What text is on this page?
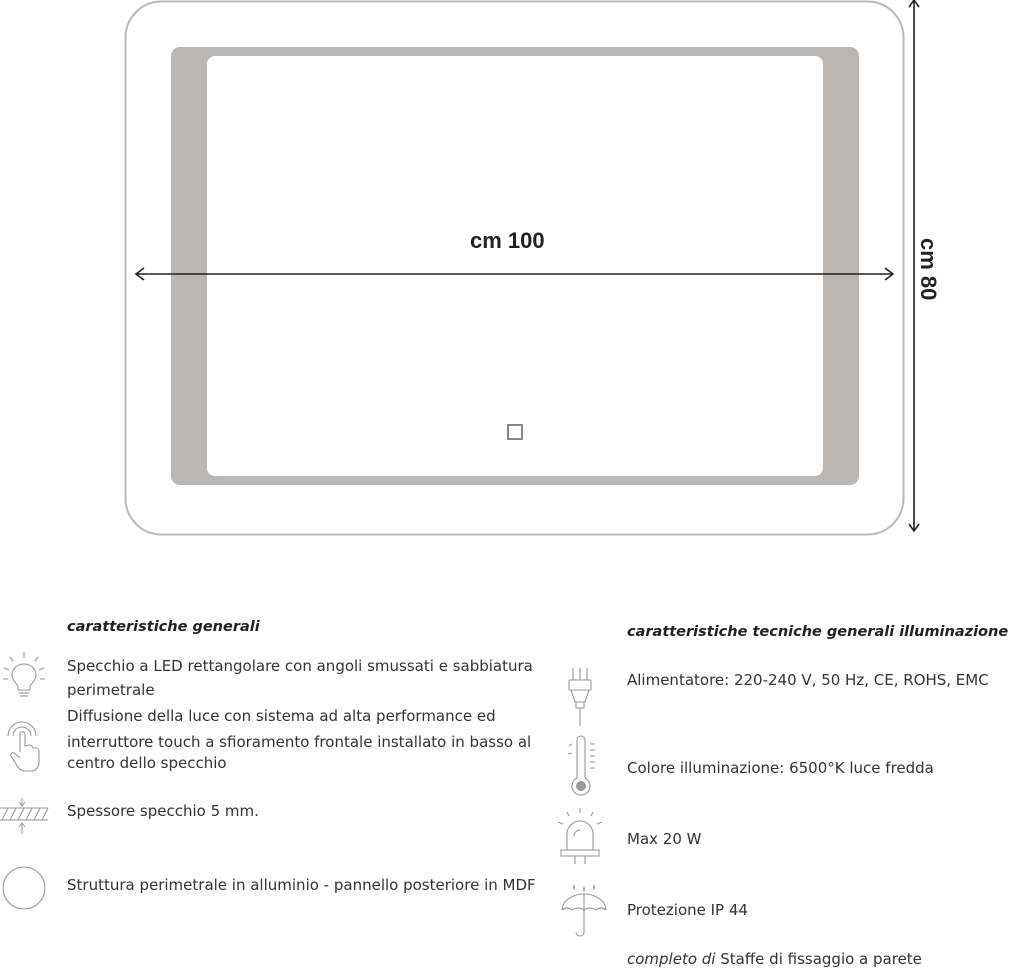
cm 100	cm 80
caratteristiche generali
Specchio a LED rettangolare con angoli smussati e sabbiatura
perimetrale
Diffusione della luce con sistema ad alta performance ed
interruttore touch a sfioramento frontale installato in basso al
centro dello specchio
Spessore specchio 5 mm.
Struttura perimetrale in alluminio - pannello posteriore in MDF
caratteristiche tecniche generali illuminazione
Alimentatore: 220-240 V, 50 Hz, CE, ROHS, EMC
Colore illuminazione: 6500°K luce fredda
Max 20 W
Protezione IP 44
completo di Staffe di fissaggio a parete
